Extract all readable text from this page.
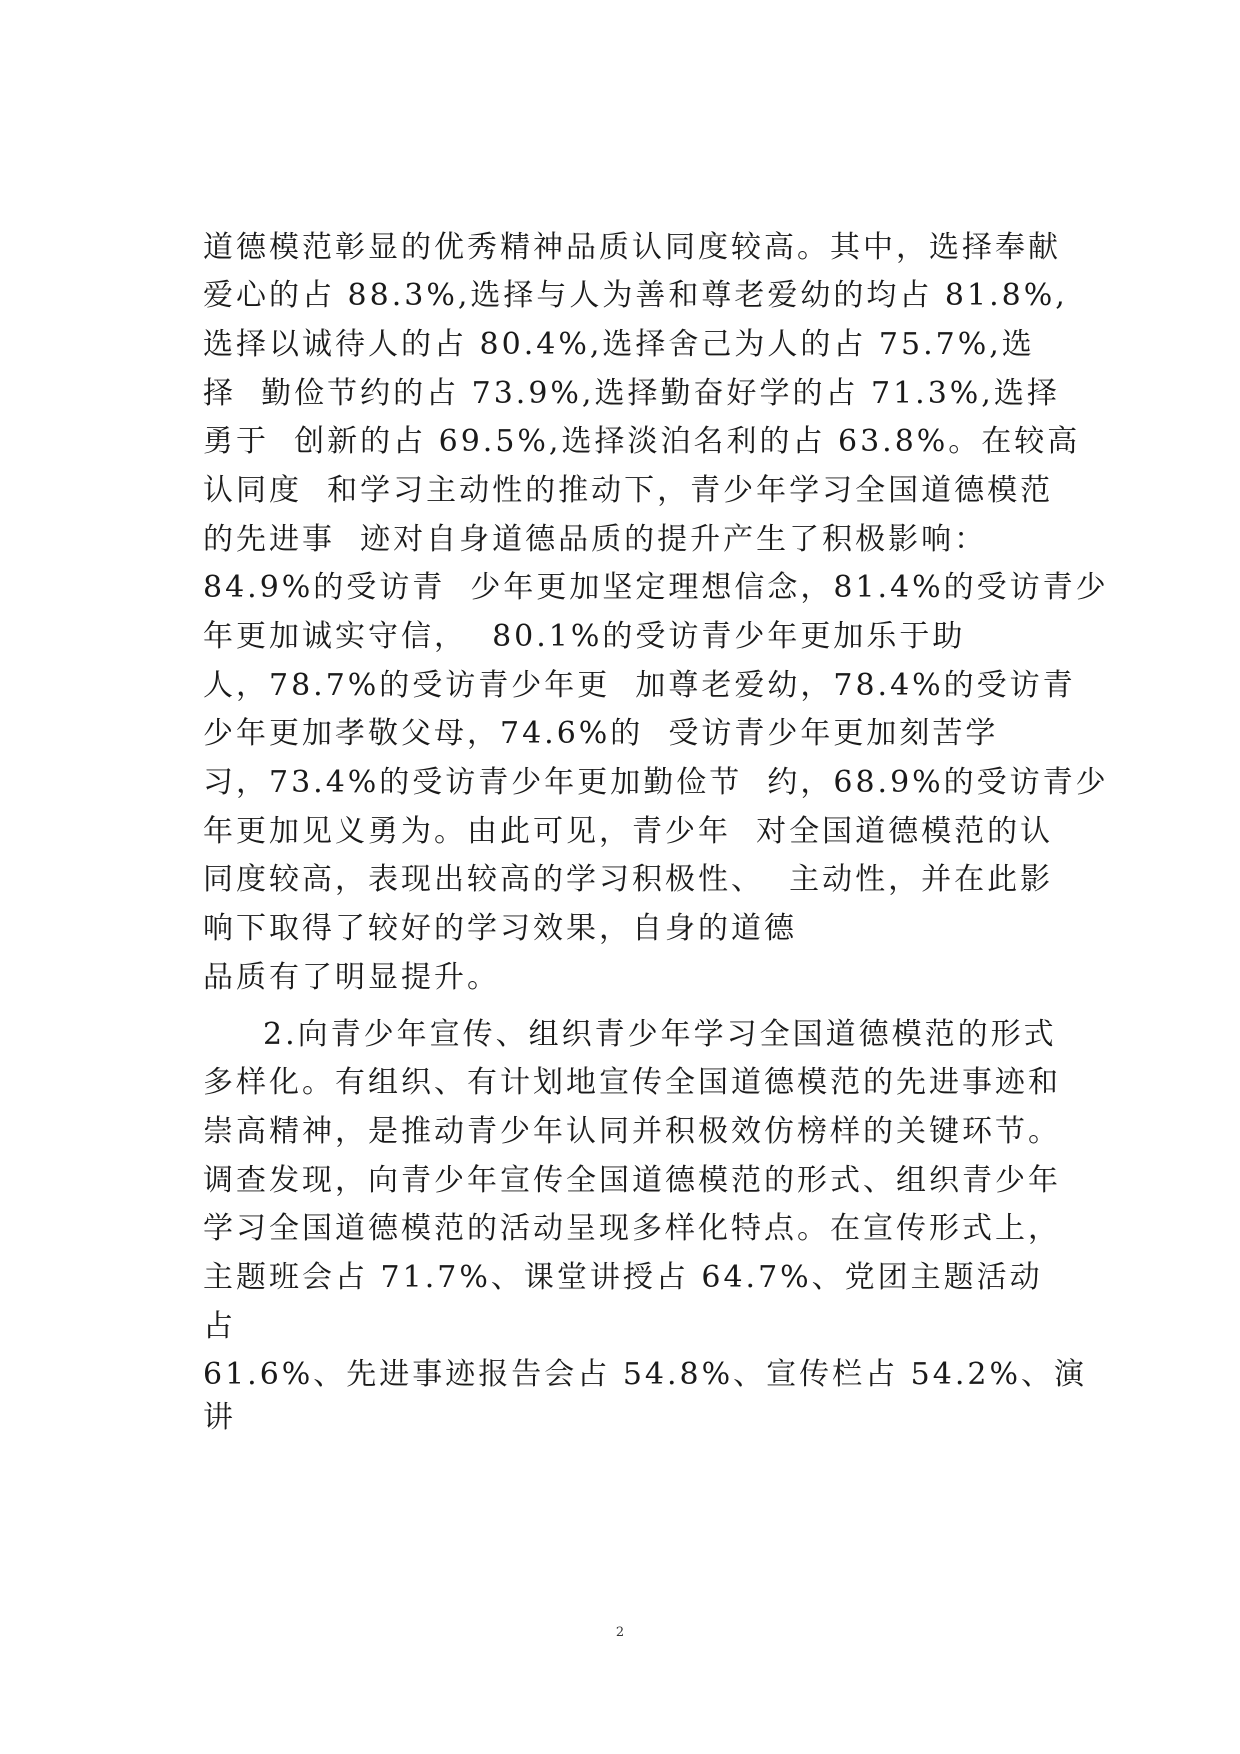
道德模范彰显的优秀精神品质认同度较高。其中，选择奉献
爱心的占 88.3%,选择与人为善和尊老爱幼的均占 81.8%,
选择以诚待人的占 80.4%,选择舍己为人的占 75.7%,选
择  勤俭节约的占 73.9%,选择勤奋好学的占 71.3%,选择
勇于  创新的占 69.5%,选择淡泊名利的占 63.8%。在较高
认同度  和学习主动性的推动下，青少年学习全国道德模范
的先进事  迹对自身道德品质的提升产生了积极影响：
84.9%的受访青  少年更加坚定理想信念，81.4%的受访青少
年更加诚实守信，  80.1%的受访青少年更加乐于助
人，78.7%的受访青少年更  加尊老爱幼，78.4%的受访青
少年更加孝敬父母，74.6%的  受访青少年更加刻苦学
习，73.4%的受访青少年更加勤俭节  约，68.9%的受访青少
年更加见义勇为。由此可见，青少年  对全国道德模范的认
同度较高，表现出较高的学习积极性、  主动性，并在此影
响下取得了较好的学习效果，自身的道德
品质有了明显提升。
2.向青少年宣传、组织青少年学习全国道德模范的形式
多样化。有组织、有计划地宣传全国道德模范的先进事迹和
崇高精神，是推动青少年认同并积极效仿榜样的关键环节。
调查发现，向青少年宣传全国道德模范的形式、组织青少年
学习全国道德模范的活动呈现多样化特点。在宣传形式上，
主题班会占 71.7%、课堂讲授占 64.7%、党团主题活动
占
61.6%、先进事迹报告会占 54.8%、宣传栏占 54.2%、演
讲
2
